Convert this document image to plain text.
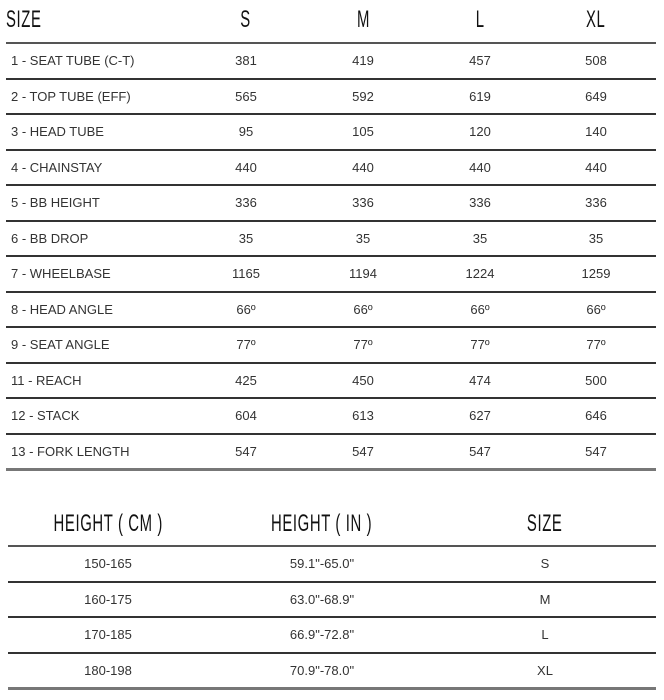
SIZE	S	M	L	XL
1 - SEAT TUBE (C-T)	381	419	457	508
2 - TOP TUBE (EFF)	565	592	619	649
3 - HEAD TUBE	95	105	120	140
4 - CHAINSTAY	440	440	440	440
5 - BB HEIGHT	336	336	336	336
6 - BB DROP	35	35	35	35
7 - WHEELBASE	1165	1194	1224	1259
8 - HEAD ANGLE	66º	66º	66º	66º
9 - SEAT ANGLE	77º	77º	77º	77º
11 - REACH	425	450	474	500
12 - STACK	604	613	627	646
13 - FORK LENGTH	547	547	547	547
HEIGHT ( CM )	HEIGHT ( IN )	SIZE
150-165	59.1"-65.0"	S
160-175	63.0"-68.9"	M
170-185	66.9"-72.8"	L
180-198	70.9"-78.0"	XL
